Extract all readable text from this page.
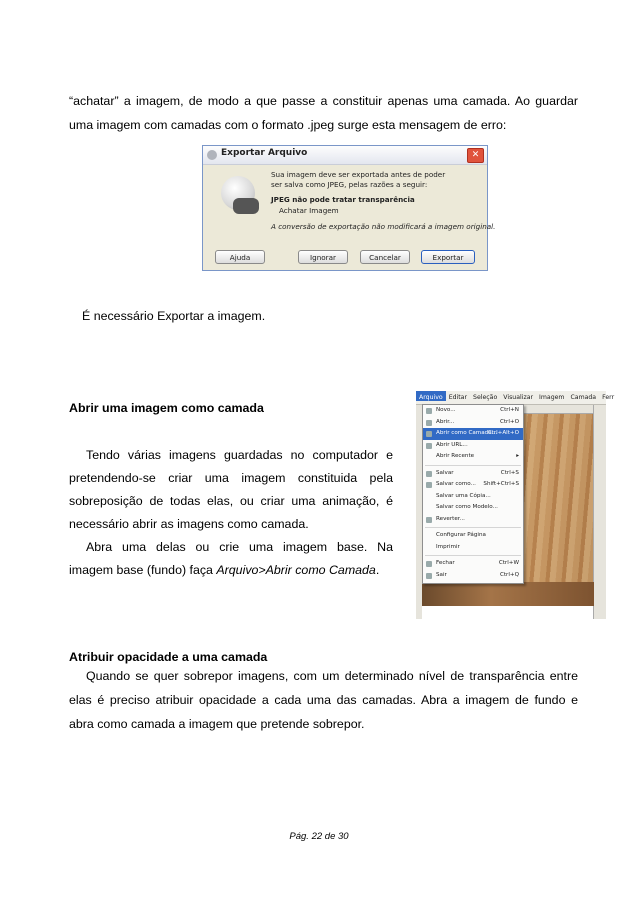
“achatar” a imagem, de modo a que passe a constituir apenas uma camada. Ao guardar

uma imagem com camadas com o formato .jpeg surge esta mensagem de erro:

Exportar Arquivo	✕
Sua imagem deve ser exportada antes de poder
ser salva como JPEG, pelas razões a seguir:
JPEG não pode tratar transparência
Achatar Imagem
A conversão de exportação não modificará a imagem original.
Ajuda	Ignorar	Cancelar	Exportar

É necessário Exportar a imagem.

Abrir uma imagem como camada

Tendo várias imagens guardadas no computador e

pretendendo-se criar uma imagem constituida pela

sobreposição de todas elas, ou criar uma animação, é

necessário abrir as imagens como camada.

Abra uma delas ou crie uma imagem base. Na

imagem base (fundo) faça Arquivo>Abrir como Camada.

Arquivo Editar Seleção Visualizar Imagem Camada Ferr
Novo...	Ctrl+N
Abrir...	Ctrl+O
Abrir como Camada...
Ctrl+Alt+O
Abrir URL...
Abrir Recente	▸
Salvar	Ctrl+S
Salvar como... Shift+Ctrl+S
Salvar uma Cópia...
Salvar como Modelo...
Reverter...
Configurar Página
Imprimir
Fechar	Ctrl+W
Sair	Ctrl+Q

Atribuir opacidade a uma camada

Quando se quer sobrepor imagens, com um determinado nível de transparência entre

elas é preciso atribuir opacidade a cada uma das camadas. Abra a imagem de fundo e

abra como camada a imagem que pretende sobrepor.

Pág. 22 de 30
